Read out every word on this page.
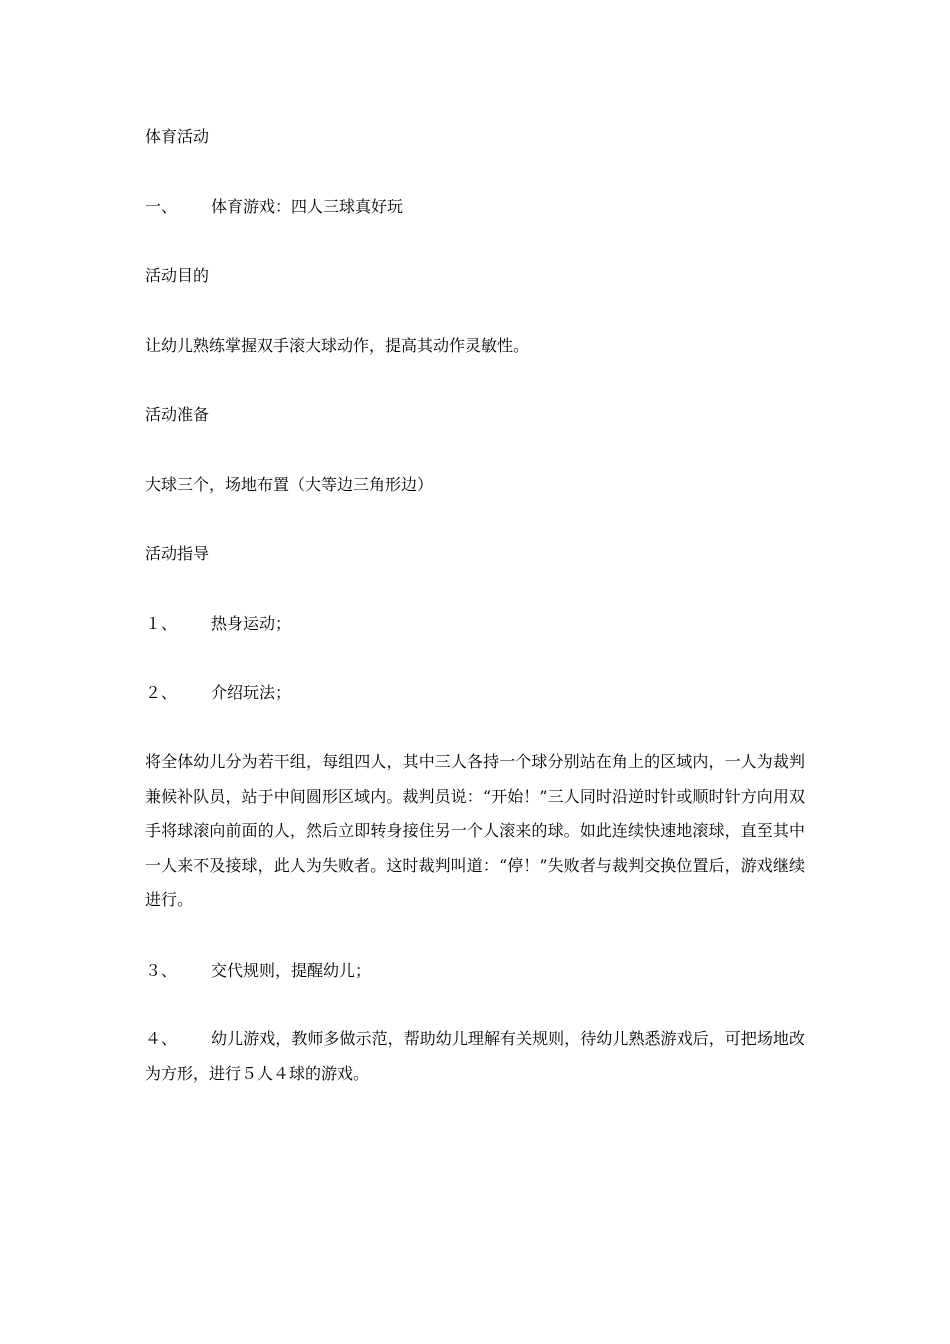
体育活动
一、 体育游戏：四人三球真好玩
活动目的
让幼儿熟练掌握双手滚大球动作，提高其动作灵敏性。
活动准备
大球三个，场地布置（大等边三角形边）
活动指导
１、 热身运动；
２、 介绍玩法；

将全体幼儿分为若干组，每组四人，其中三人各持一个球分别站在角上的区域内，一人为裁判兼候补队员，站于中间圆形区域内。裁判员说：“开始！”三人同时沿逆时针或顺时针方向用双手将球滚向前面的人，然后立即转身接住另一个人滚来的球。如此连续快速地滚球，直至其中一人来不及接球，此人为失败者。这时裁判叫道：“停！”失败者与裁判交换位置后，游戏继续进行。

３、 交代规则，提醒幼儿；

４、 幼儿游戏，教师多做示范，帮助幼儿理解有关规则，待幼儿熟悉游戏后，可把场地改为方形，进行５人４球的游戏。
